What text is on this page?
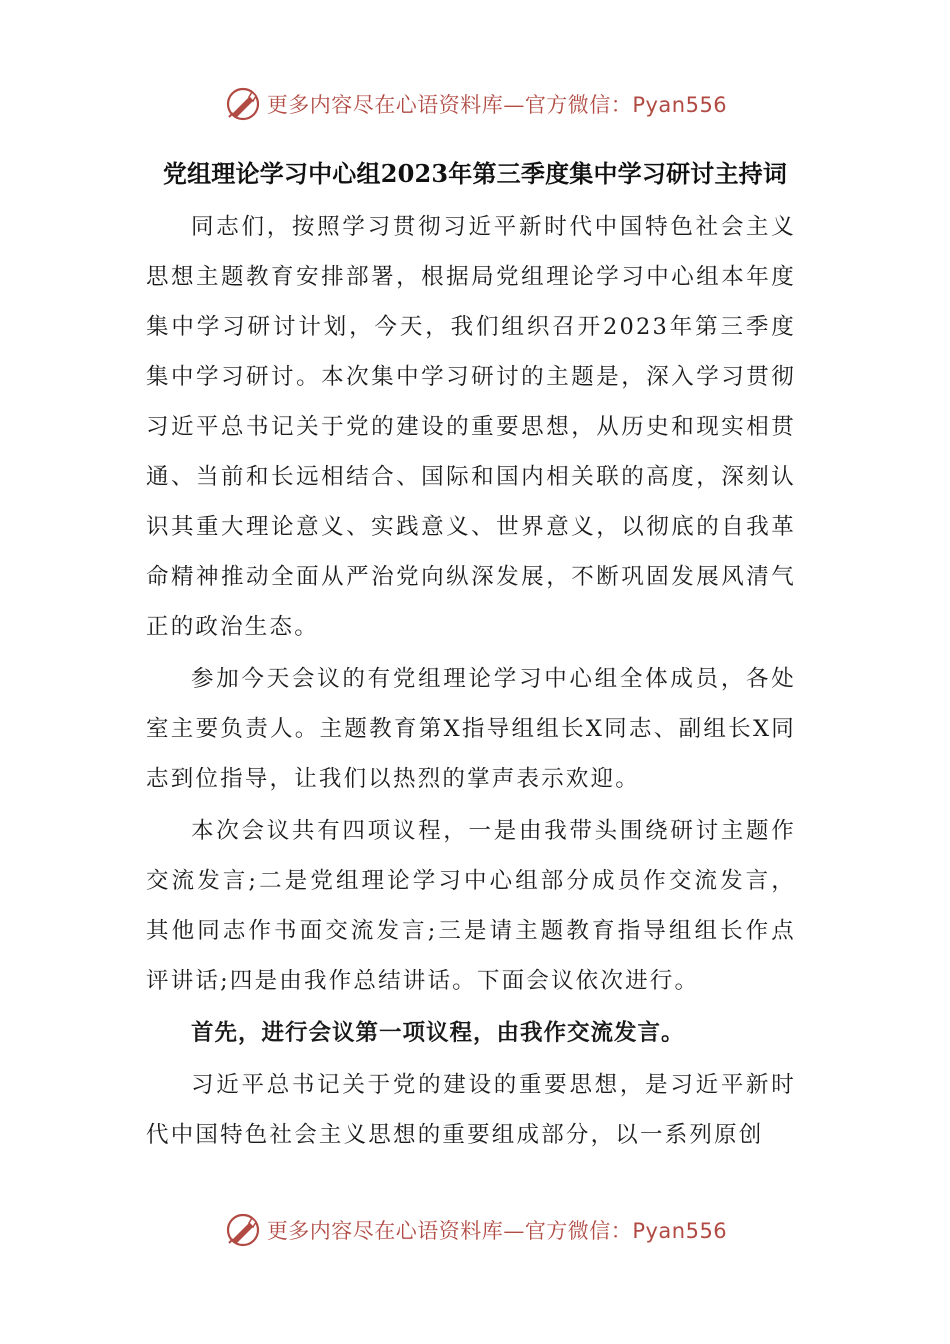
更多内容尽在心语资料库—官方微信：Pyan556
党组理论学习中心组2023年第三季度集中学习研讨主持词

同志们，按照学习贯彻习近平新时代中国特色社会主义思想主题教育安排部署，根据局党组理论学习中心组本年度集中学习研讨计划，今天，我们组织召开2023年第三季度集中学习研讨。本次集中学习研讨的主题是，深入学习贯彻习近平总书记关于党的建设的重要思想，从历史和现实相贯通、当前和长远相结合、国际和国内相关联的高度，深刻认识其重大理论意义、实践意义、世界意义，以彻底的自我革命精神推动全面从严治党向纵深发展，不断巩固发展风清气正的政治生态。

参加今天会议的有党组理论学习中心组全体成员，各处室主要负责人。主题教育第X指导组组长X同志、副组长X同志到位指导，让我们以热烈的掌声表示欢迎。

本次会议共有四项议程，一是由我带头围绕研讨主题作交流发言;二是党组理论学习中心组部分成员作交流发言，其他同志作书面交流发言;三是请主题教育指导组组长作点评讲话;四是由我作总结讲话。下面会议依次进行。

首先，进行会议第一项议程，由我作交流发言。

习近平总书记关于党的建设的重要思想，是习近平新时代中国特色社会主义思想的重要组成部分，以一系列原创

更多内容尽在心语资料库—官方微信：Pyan556
